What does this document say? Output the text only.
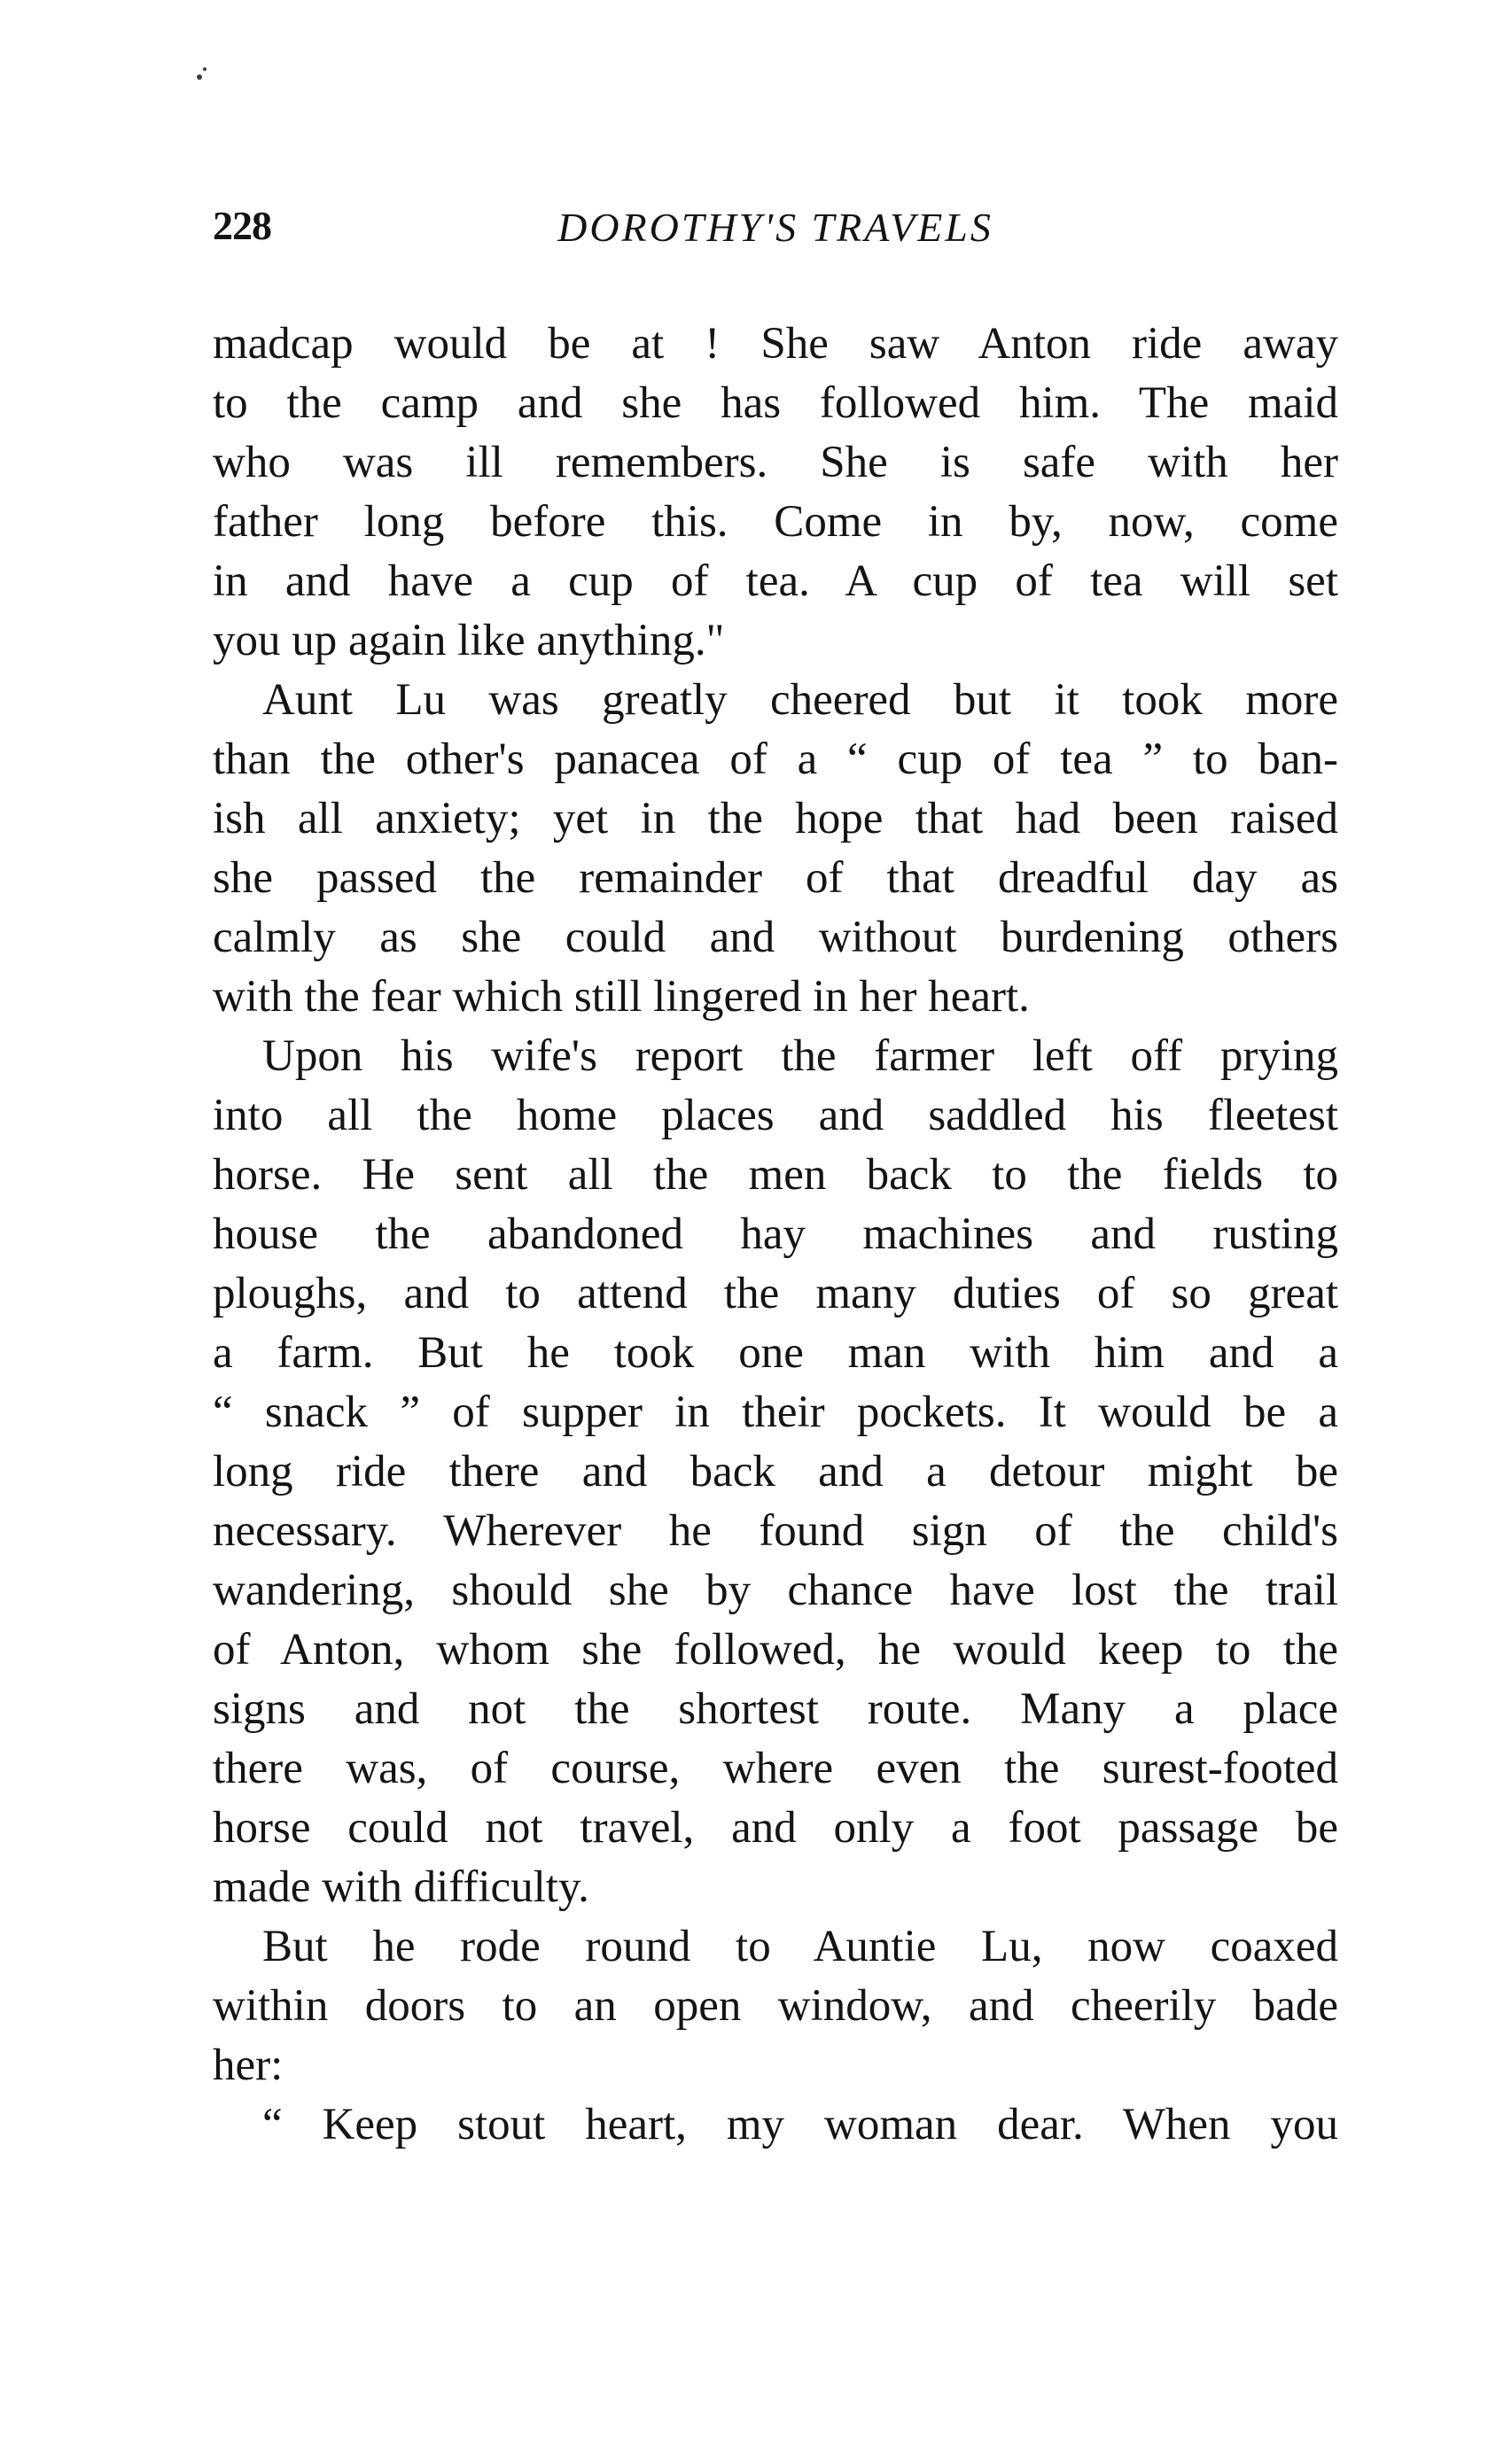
228	DOROTHY'S TRAVELS
madcap would be at ! She saw Anton ride away
to the camp and she has followed him. The maid
who was ill remembers. She is safe with her
father long before this. Come in by, now, come
in and have a cup of tea. A cup of tea will set
you up again like anything."
Aunt Lu was greatly cheered but it took more
than the other's panacea of a “ cup of tea ” to ban-
ish all anxiety; yet in the hope that had been raised
she passed the remainder of that dreadful day as
calmly as she could and without burdening others
with the fear which still lingered in her heart.
Upon his wife's report the farmer left off prying
into all the home places and saddled his fleetest
horse. He sent all the men back to the fields to
house the abandoned hay machines and rusting
ploughs, and to attend the many duties of so great
a farm. But he took one man with him and a
“ snack ” of supper in their pockets. It would be a
long ride there and back and a detour might be
necessary. Wherever he found sign of the child's
wandering, should she by chance have lost the trail
of Anton, whom she followed, he would keep to the
signs and not the shortest route. Many a place
there was, of course, where even the surest-footed
horse could not travel, and only a foot passage be
made with difficulty.
But he rode round to Auntie Lu, now coaxed
within doors to an open window, and cheerily bade
her:
“ Keep stout heart, my woman dear. When you
